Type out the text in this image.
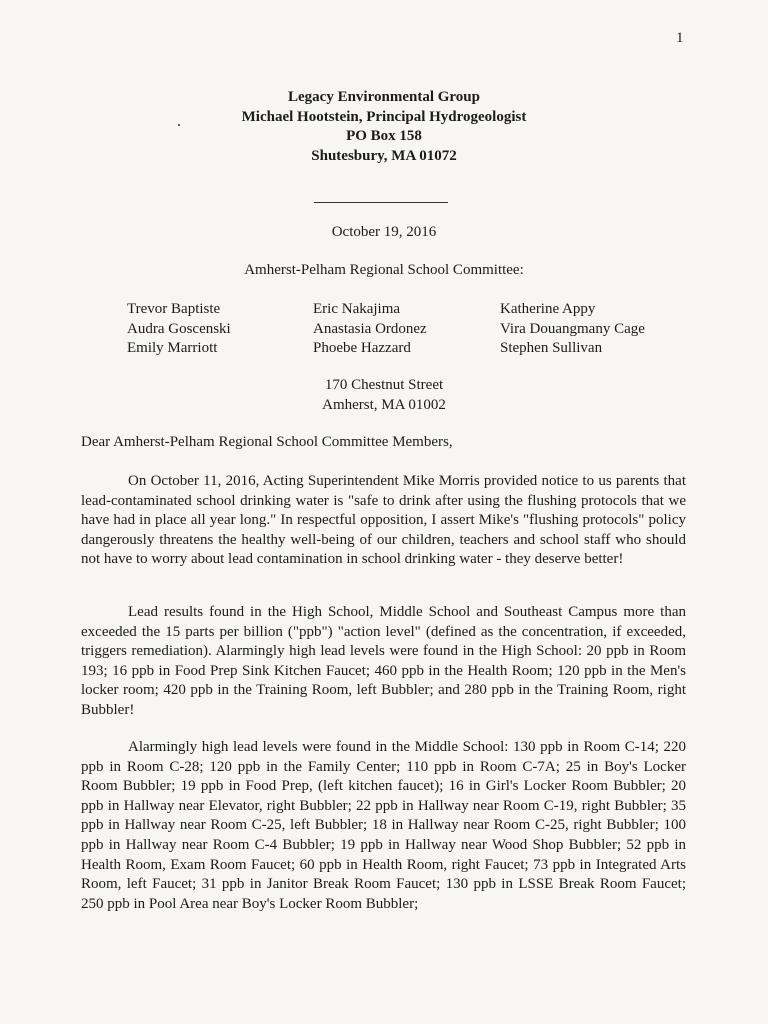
1
Legacy Environmental Group
Michael Hootstein, Principal Hydrogeologist
PO Box 158
Shutesbury, MA 01072
October 19, 2016
Amherst-Pelham Regional School Committee:
Trevor Baptiste
Audra Goscenski
Emily Marriott
Eric Nakajima
Anastasia Ordonez
Phoebe Hazzard
Katherine Appy
Vira Douangmany Cage
Stephen Sullivan
170 Chestnut Street
Amherst, MA 01002
Dear Amherst-Pelham Regional School Committee Members,

On October 11, 2016, Acting Superintendent Mike Morris provided notice to us parents that lead-contaminated school drinking water is "safe to drink after using the flushing protocols that we have had in place all year long." In respectful opposition, I assert Mike's "flushing protocols" policy dangerously threatens the healthy well-being of our children, teachers and school staff who should not have to worry about lead contamination in school drinking water - they deserve better!

Lead results found in the High School, Middle School and Southeast Campus more than exceeded the 15 parts per billion ("ppb") "action level" (defined as the concentration, if exceeded, triggers remediation). Alarmingly high lead levels were found in the High School: 20 ppb in Room 193; 16 ppb in Food Prep Sink Kitchen Faucet; 460 ppb in the Health Room; 120 ppb in the Men's locker room; 420 ppb in the Training Room, left Bubbler; and 280 ppb in the Training Room, right Bubbler!

Alarmingly high lead levels were found in the Middle School: 130 ppb in Room C-14; 220 ppb in Room C-28; 120 ppb in the Family Center; 110 ppb in Room C-7A; 25 in Boy's Locker Room Bubbler; 19 ppb in Food Prep, (left kitchen faucet); 16 in Girl's Locker Room Bubbler; 20 ppb in Hallway near Elevator, right Bubbler; 22 ppb in Hallway near Room C-19, right Bubbler; 35 ppb in Hallway near Room C-25, left Bubbler; 18 in Hallway near Room C-25, right Bubbler; 100 ppb in Hallway near Room C-4 Bubbler; 19 ppb in Hallway near Wood Shop Bubbler; 52 ppb in Health Room, Exam Room Faucet; 60 ppb in Health Room, right Faucet; 73 ppb in Integrated Arts Room, left Faucet; 31 ppb in Janitor Break Room Faucet; 130 ppb in LSSE Break Room Faucet; 250 ppb in Pool Area near Boy's Locker Room Bubbler;
